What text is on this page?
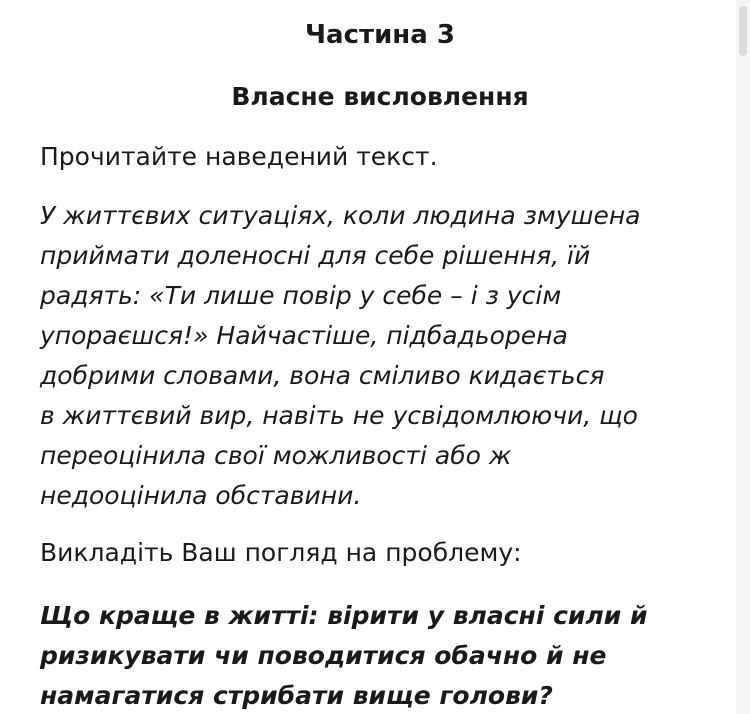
Частина 3
Власне висловлення
Прочитайте наведений текст.
У життєвих ситуаціях, коли людина змушена
приймати доленосні для себе рішення, їй
радять: «Ти лише повір у себе – і з усім
упораєшся!» Найчастіше, підбадьорена
добрими словами, вона сміливо кидається
в життєвий вир, навіть не усвідомлюючи, що
переоцінила свої можливості або ж
недооцінила обставини.
Викладіть Ваш погляд на проблему:
Що краще в житті: вірити у власні сили й
ризикувати чи поводитися обачно й не
намагатися стрибати вище голови?
